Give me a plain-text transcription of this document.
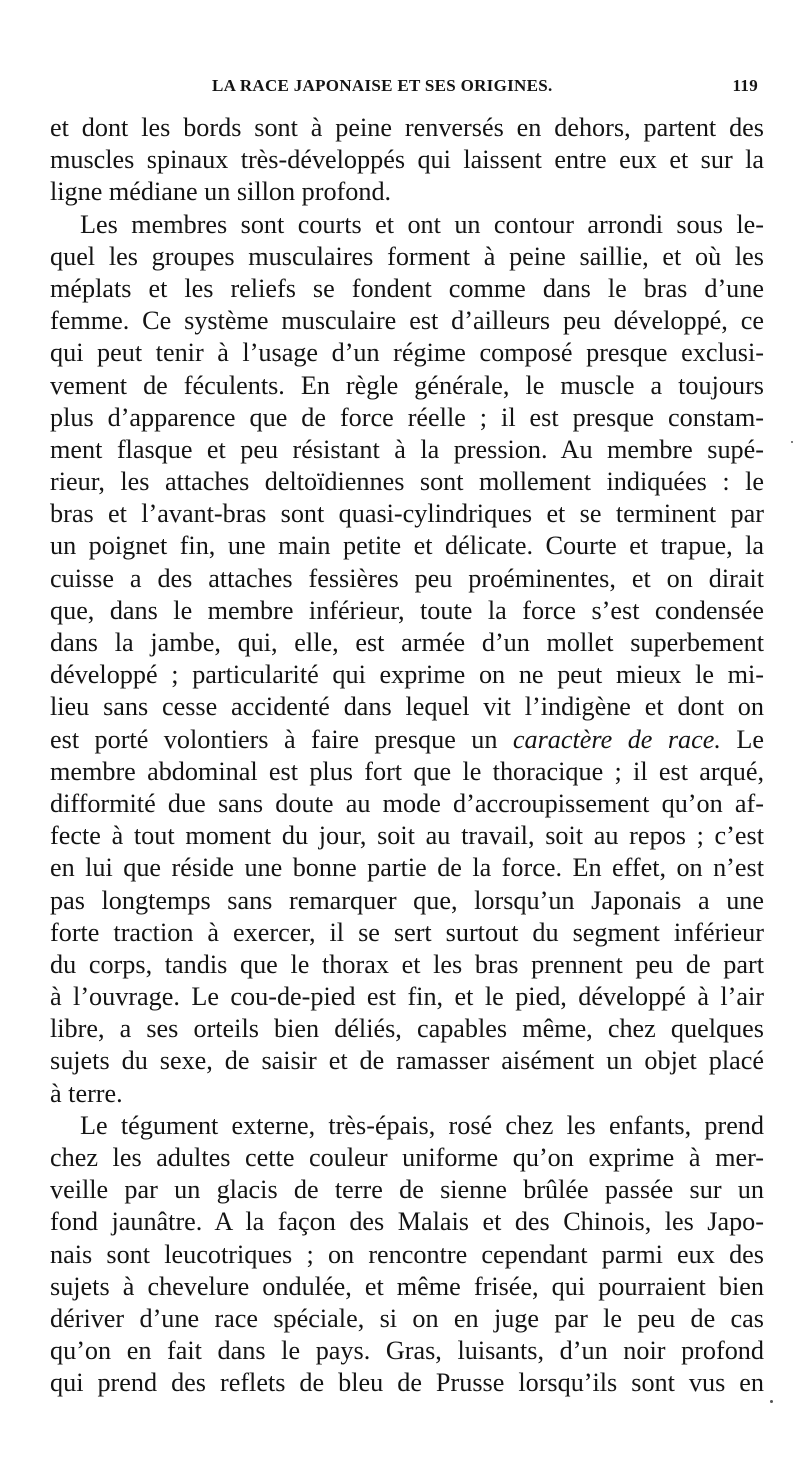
LA RACE JAPONAISE ET SES ORIGINES.	119
et dont les bords sont à peine renversés en dehors, partent des
muscles spinaux très-développés qui laissent entre eux et sur la
ligne médiane un sillon profond.
Les membres sont courts et ont un contour arrondi sous le-
quel les groupes musculaires forment à peine saillie, et où les
méplats et les reliefs se fondent comme dans le bras d’une
femme. Ce système musculaire est d’ailleurs peu développé, ce
qui peut tenir à l’usage d’un régime composé presque exclusi-
vement de féculents. En règle générale, le muscle a toujours
plus d’apparence que de force réelle ; il est presque constam-
ment flasque et peu résistant à la pression. Au membre supé-
rieur, les attaches deltoïdiennes sont mollement indiquées : le
bras et l’avant-bras sont quasi-cylindriques et se terminent par
un poignet fin, une main petite et délicate. Courte et trapue, la
cuisse a des attaches fessières peu proéminentes, et on dirait
que, dans le membre inférieur, toute la force s’est condensée
dans la jambe, qui, elle, est armée d’un mollet superbement
développé ; particularité qui exprime on ne peut mieux le mi-
lieu sans cesse accidenté dans lequel vit l’indigène et dont on
est porté volontiers à faire presque un caractère de race. Le
membre abdominal est plus fort que le thoracique ; il est arqué,
difformité due sans doute au mode d’accroupissement qu’on af-
fecte à tout moment du jour, soit au travail, soit au repos ; c’est
en lui que réside une bonne partie de la force. En effet, on n’est
pas longtemps sans remarquer que, lorsqu’un Japonais a une
forte traction à exercer, il se sert surtout du segment inférieur
du corps, tandis que le thorax et les bras prennent peu de part
à l’ouvrage. Le cou-de-pied est fin, et le pied, développé à l’air
libre, a ses orteils bien déliés, capables même, chez quelques
sujets du sexe, de saisir et de ramasser aisément un objet placé
à terre.
Le tégument externe, très-épais, rosé chez les enfants, prend
chez les adultes cette couleur uniforme qu’on exprime à mer-
veille par un glacis de terre de sienne brûlée passée sur un
fond jaunâtre. A la façon des Malais et des Chinois, les Japo-
nais sont leucotriques ; on rencontre cependant parmi eux des
sujets à chevelure ondulée, et même frisée, qui pourraient bien
dériver d’une race spéciale, si on en juge par le peu de cas
qu’on en fait dans le pays. Gras, luisants, d’un noir profond
qui prend des reflets de bleu de Prusse lorsqu’ils sont vus en
